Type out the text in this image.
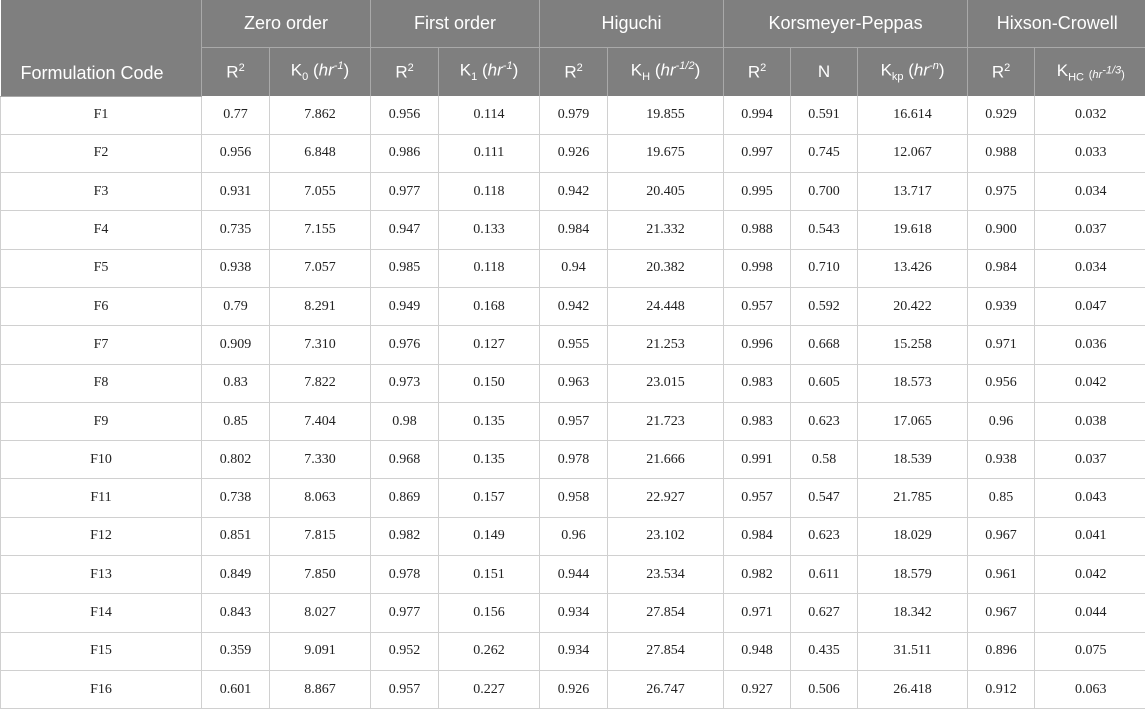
Formulation Code	Zero order		First order		Higuchi		Korsmeyer-Peppas			Hixson-Crowell	
	$R^2$	$K_0$ $(hr^{-1})$	$R^2$	$K_1$ $(hr^{-1})$	$R^2$	$K_H$ $(hr^{-1/2})$	$R^2$	N	$K_{kp}$ $(hr^{-n})$	$R^2$	$K_{HC}$ $(hr^{-1/3})$
F1	0.77	7.862	0.956	0.114	0.979	19.855	0.994	0.591	16.614	0.929	0.032
F2	0.956	6.848	0.986	0.111	0.926	19.675	0.997	0.745	12.067	0.988	0.033
F3	0.931	7.055	0.977	0.118	0.942	20.405	0.995	0.700	13.717	0.975	0.034
F4	0.735	7.155	0.947	0.133	0.984	21.332	0.988	0.543	19.618	0.900	0.037
F5	0.938	7.057	0.985	0.118	0.94	20.382	0.998	0.710	13.426	0.984	0.034
F6	0.79	8.291	0.949	0.168	0.942	24.448	0.957	0.592	20.422	0.939	0.047
F7	0.909	7.310	0.976	0.127	0.955	21.253	0.996	0.668	15.258	0.971	0.036
F8	0.83	7.822	0.973	0.150	0.963	23.015	0.983	0.605	18.573	0.956	0.042
F9	0.85	7.404	0.98	0.135	0.957	21.723	0.983	0.623	17.065	0.96	0.038
F10	0.802	7.330	0.968	0.135	0.978	21.666	0.991	0.58	18.539	0.938	0.037
F11	0.738	8.063	0.869	0.157	0.958	22.927	0.957	0.547	21.785	0.85	0.043
F12	0.851	7.815	0.982	0.149	0.96	23.102	0.984	0.623	18.029	0.967	0.041
F13	0.849	7.850	0.978	0.151	0.944	23.534	0.982	0.611	18.579	0.961	0.042
F14	0.843	8.027	0.977	0.156	0.934	27.854	0.971	0.627	18.342	0.967	0.044
F15	0.359	9.091	0.952	0.262	0.934	27.854	0.948	0.435	31.511	0.896	0.075
F16	0.601	8.867	0.957	0.227	0.926	26.747	0.927	0.506	26.418	0.912	0.063
